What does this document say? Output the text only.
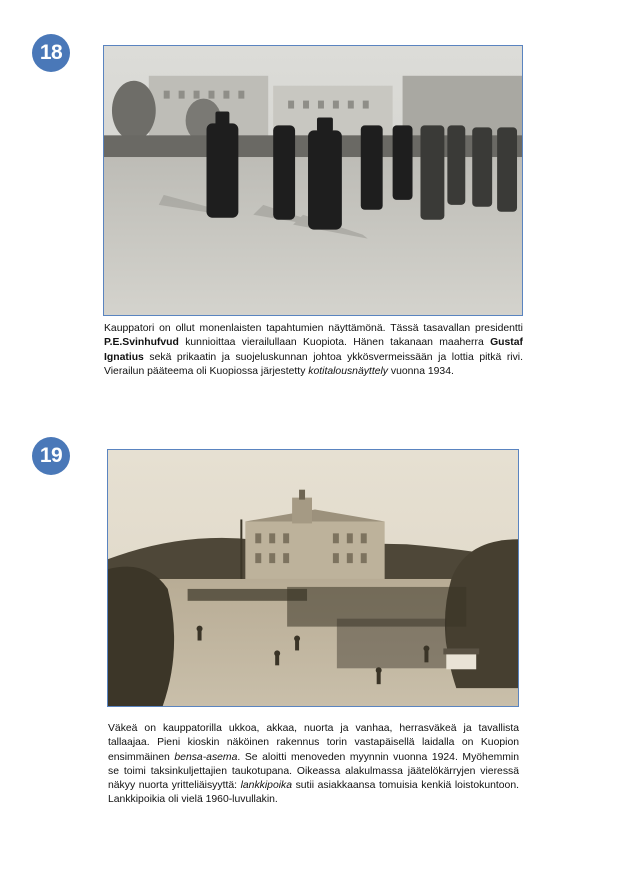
18

Kauppatori on ollut monenlaisten tapahtumien näyttämönä. Tässä tasavallan presidentti P.E.Svinhufvud kunnioittaa vierailullaan Kuopiota. Hänen takanaan maaherra Gustaf Ignatius sekä prikaatin ja suojeluskunnan johtoa ykkösvermeissään ja lottia pitkä rivi. Vierailun pääteema oli Kuopiossa järjestetty kotitalousnäyttely vuonna 1934.

19

Väkeä on kauppatorilla ukkoa, akkaa, nuorta ja vanhaa, herrasväkeä ja tavallista tallaajaa. Pieni kioskin näköinen rakennus torin vastapäisellä laidalla on Kuopion ensimmäinen bensa-asema. Se aloitti menoveden myynnin vuonna 1924. Myöhemmin se toimi taksinkuljettajien taukotupana. Oikeassa alakulmassa jäätelökärryjen vieressä näkyy nuorta yritteliäisyyttä: lankkipoika sutii asiakkaansa tomuisia kenkiä loistokuntoon. Lankkipoikia oli vielä 1960-luvullakin.
